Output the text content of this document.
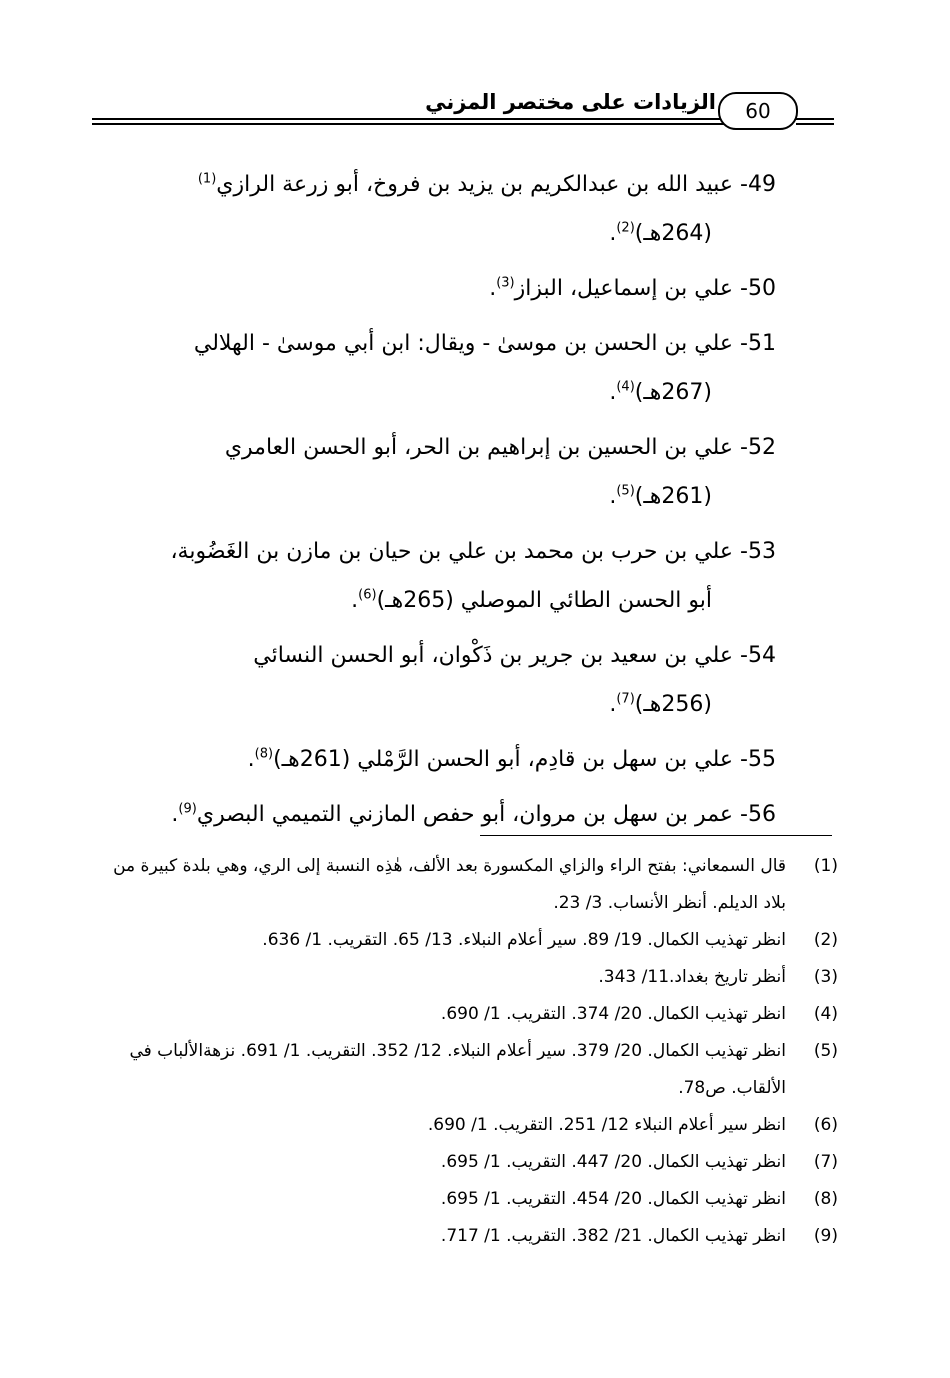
الزيادات على مختصر المزني	60
49- عبيد الله بن عبدالكريم بن يزيد بن فروخ، أبو زرعة الرازي$^{(1)}$
(264هـ)$^{(2)}$.
50- علي بن إسماعيل، البزاز$^{(3)}$.
51- علي بن الحسن بن موسىٰ - ويقال: ابن أبي موسىٰ - الهلالي
(267هـ)$^{(4)}$.
52- علي بن الحسين بن إبراهيم بن الحر، أبو الحسن العامري
(261هـ)$^{(5)}$.
53- علي بن حرب بن محمد بن علي بن حيان بن مازن بن الغَضُوبة،
أبو الحسن الطائي الموصلي (265هـ)$^{(6)}$.
54- علي بن سعيد بن جرير بن ذَكْوان، أبو الحسن النسائي
(256هـ)$^{(7)}$.
55- علي بن سهل بن قادِم، أبو الحسن الرَّمْلي (261هـ)$^{(8)}$.
56- عمر بن سهل بن مروان، أبو حفص المازني التميمي البصري$^{(9)}$.
(1)
قال السمعاني: بفتح الراء والزاي المكسورة بعد الألف، هٰذِه النسبة إلى الري، وهي بلدة كبيرة من بلاد الديلم. أنظر الأنساب. 3/ 23.
(2)
انظر تهذيب الكمال. 19/ 89. سير أعلام النبلاء. 13/ 65. التقريب. 1/ 636.
(3)
أنظر تاريخ بغداد.11/ 343.
(4)
انظر تهذيب الكمال. 20/ 374. التقريب. 1/ 690.
(5)
انظر تهذيب الكمال. 20/ 379. سير أعلام النبلاء. 12/ 352. التقريب. 1/ 691. نزهةالألباب في الألقاب. ص78.
(6)
انظر سير أعلام النبلاء 12/ 251. التقريب. 1/ 690.
(7)
انظر تهذيب الكمال. 20/ 447. التقريب. 1/ 695.
(8)
انظر تهذيب الكمال. 20/ 454. التقريب. 1/ 695.
(9)
انظر تهذيب الكمال. 21/ 382. التقريب. 1/ 717.
